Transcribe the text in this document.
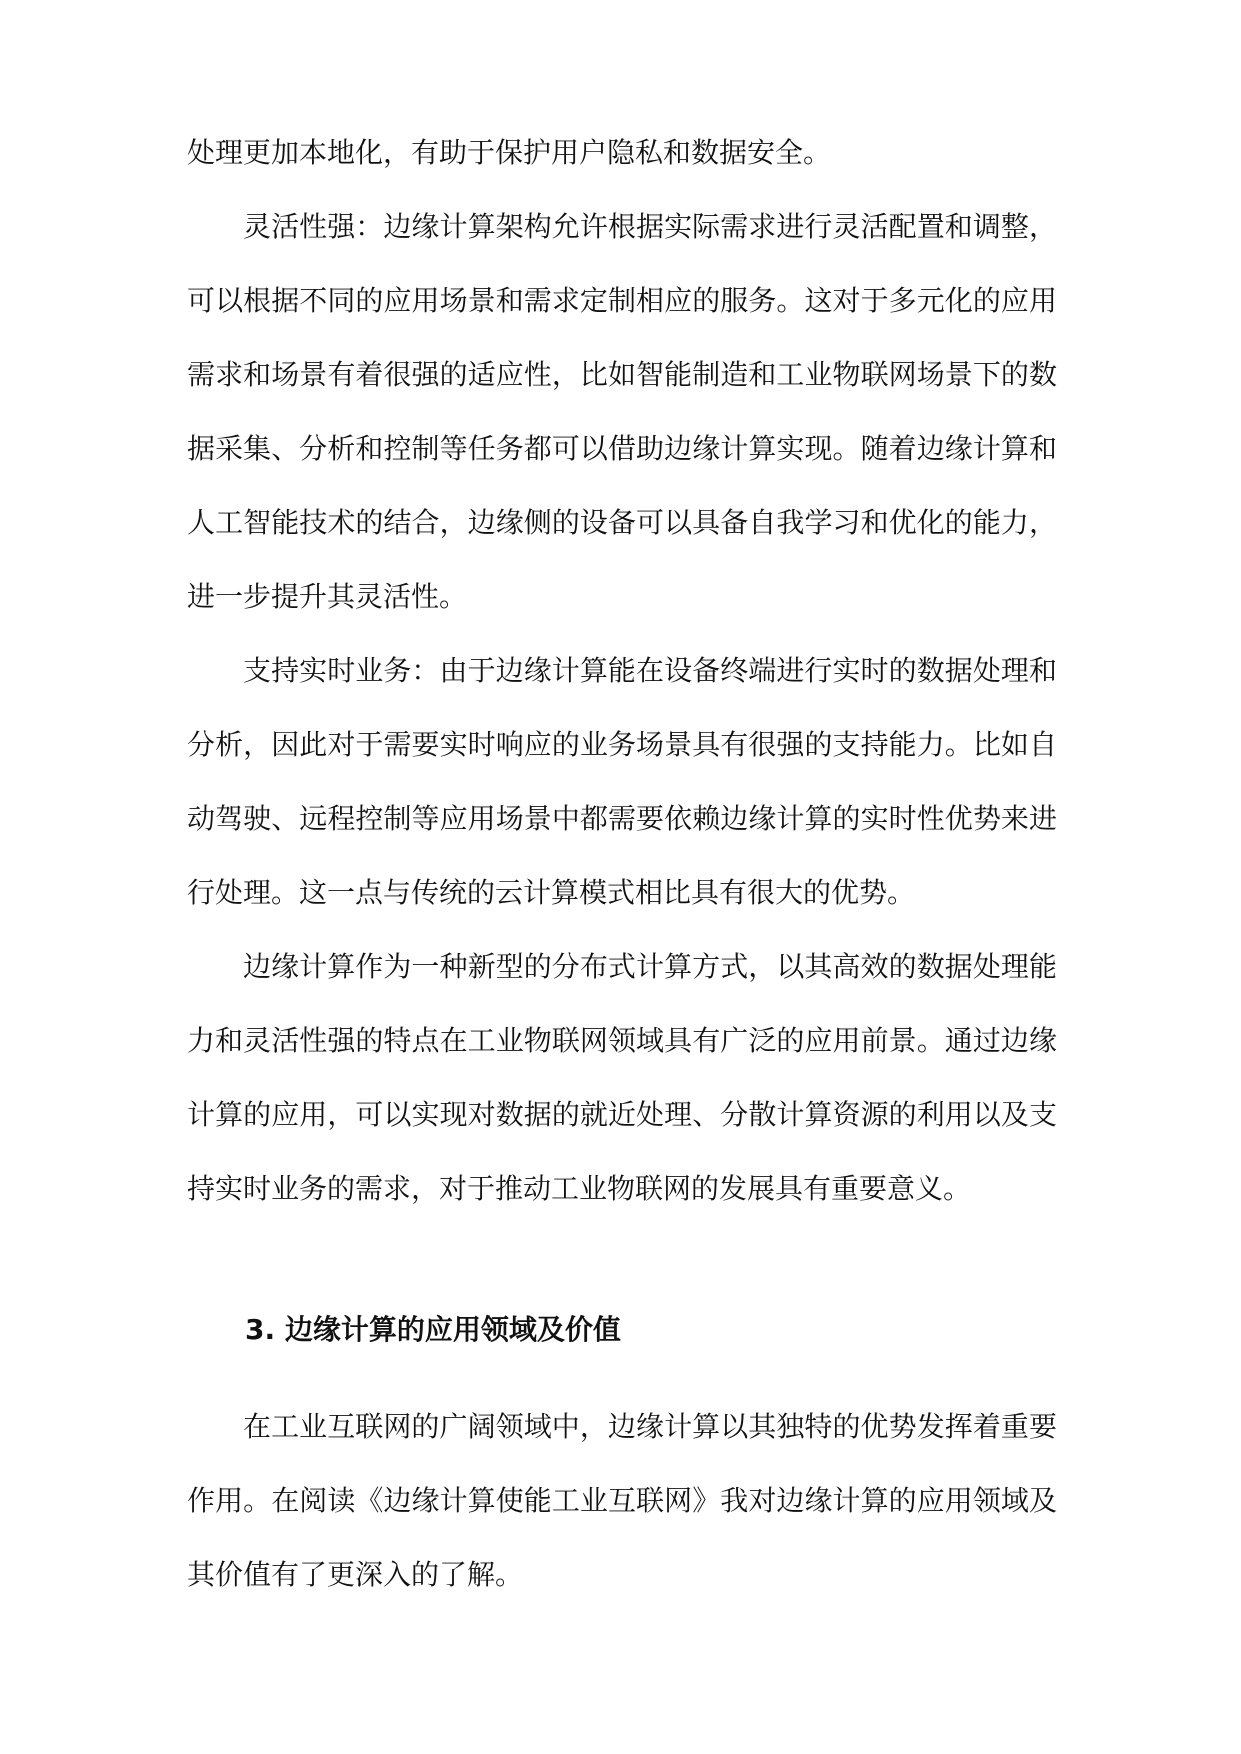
处理更加本地化，有助于保护用户隐私和数据安全。

灵活性强：边缘计算架构允许根据实际需求进行灵活配置和调整，可以根据不同的应用场景和需求定制相应的服务。这对于多元化的应用需求和场景有着很强的适应性，比如智能制造和工业物联网场景下的数据采集、分析和控制等任务都可以借助边缘计算实现。随着边缘计算和人工智能技术的结合，边缘侧的设备可以具备自我学习和优化的能力，进一步提升其灵活性。

支持实时业务：由于边缘计算能在设备终端进行实时的数据处理和分析，因此对于需要实时响应的业务场景具有很强的支持能力。比如自动驾驶、远程控制等应用场景中都需要依赖边缘计算的实时性优势来进行处理。这一点与传统的云计算模式相比具有很大的优势。

边缘计算作为一种新型的分布式计算方式，以其高效的数据处理能力和灵活性强的特点在工业物联网领域具有广泛的应用前景。通过边缘计算的应用，可以实现对数据的就近处理、分散计算资源的利用以及支持实时业务的需求，对于推动工业物联网的发展具有重要意义。

3. 边缘计算的应用领域及价值

在工业互联网的广阔领域中，边缘计算以其独特的优势发挥着重要作用。在阅读《边缘计算使能工业互联网》我对边缘计算的应用领域及其价值有了更深入的了解。
